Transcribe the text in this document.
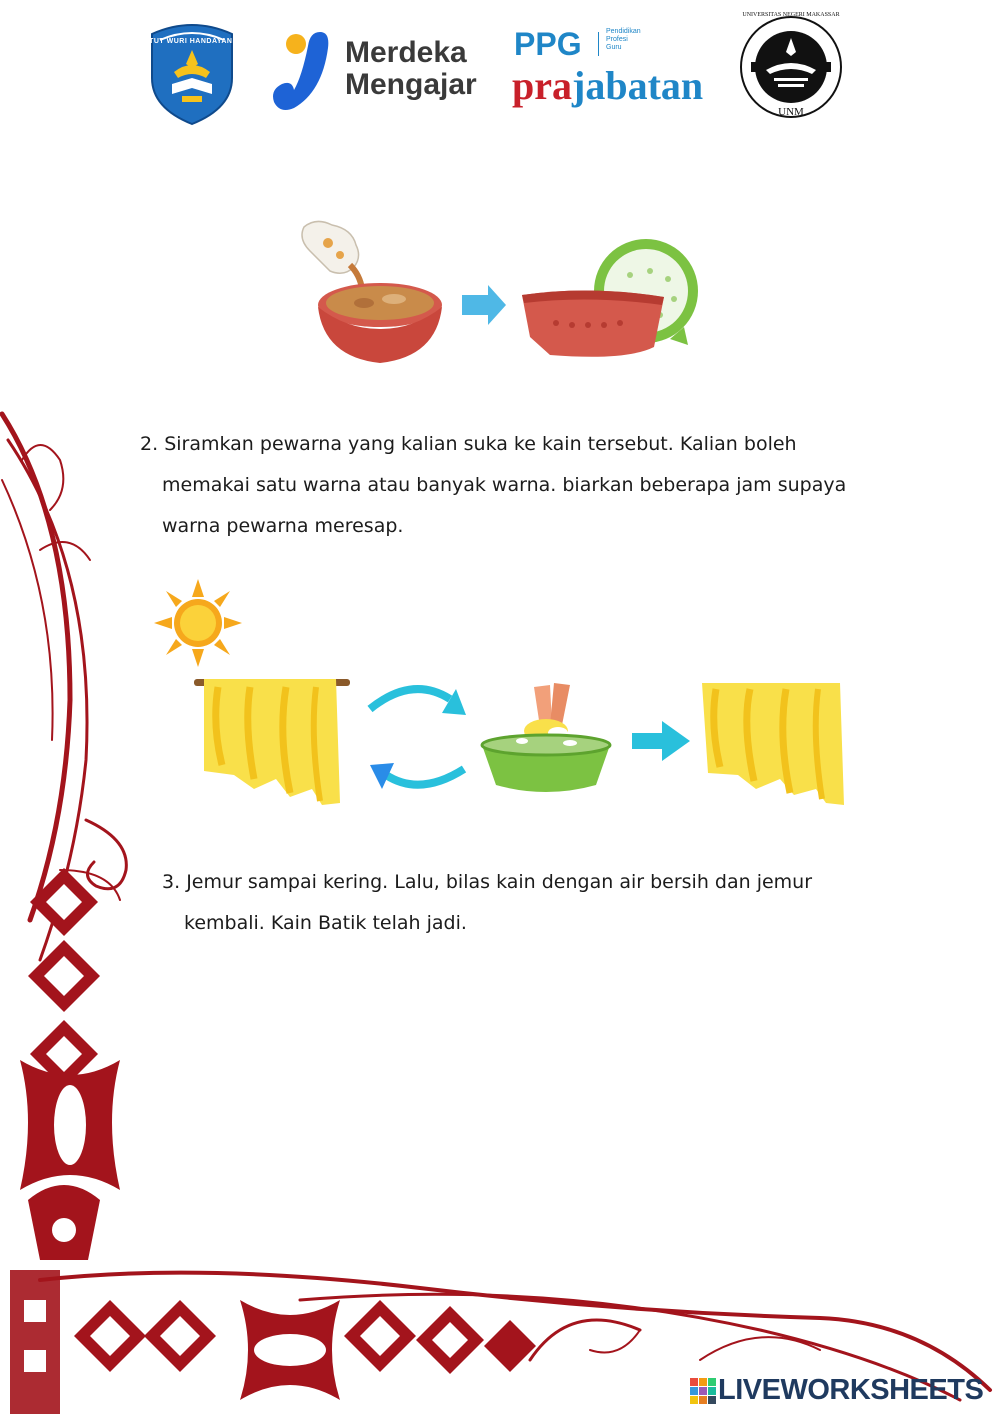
TUT WURI HANDAYANI	Merdeka
Mengajar
PPG	Pendidikan
Profesi
Guru
prajabatan
UNIVERSITAS NEGERI MAKASSAR
UNM
2. Siramkan pewarna yang kalian suka ke kain tersebut. Kalian boleh
memakai satu warna atau banyak warna. biarkan beberapa jam supaya
warna pewarna meresap.
3. Jemur sampai kering. Lalu, bilas kain dengan air bersih dan jemur
kembali. Kain Batik telah jadi.
LIVEWORKSHEETS
